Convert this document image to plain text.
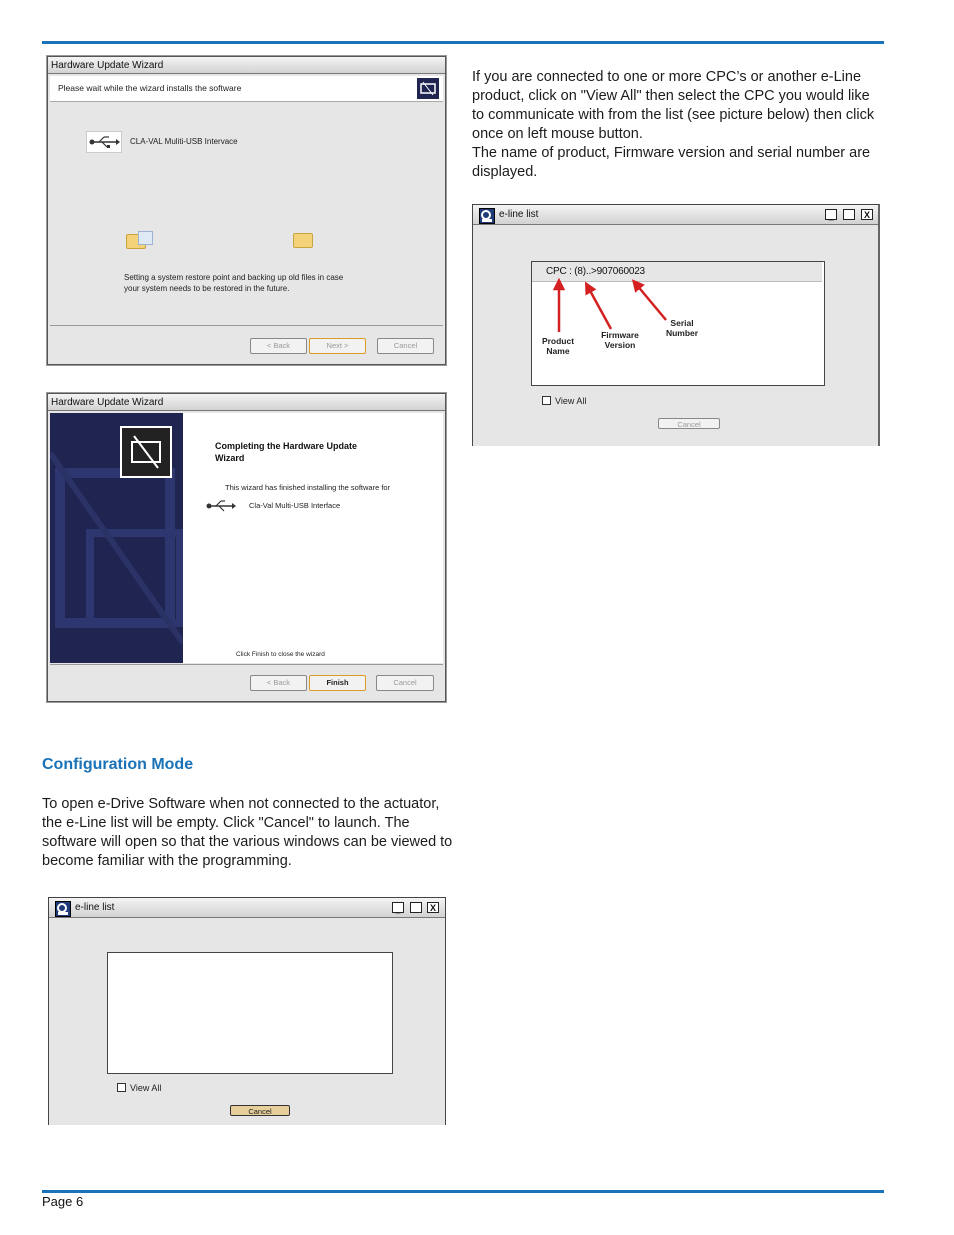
Hardware Update Wizard
Please wait while the wizard installs the software
CLA-VAL Muliti-USB Intervace
Setting a system restore point and backing up old files in case
your system needs to be restored in the future.
< Back	Next >	Cancel
Hardware Update Wizard
Completing the Hardware Update
Wizard
This wizard has finished installing the software for
Cla-Val Multi-USB Interface
Click Finish to close the wizard
< Back	Finish	Cancel
Configuration Mode
To open e-Drive Software when not connected to the actuator, the e-Line list will be empty. Click "Cancel" to launch. The software will open so that the various windows can be viewed to become familiar with the programming.
e-line list	_	X
View All
Cancel
If you are connected to one or more CPC’s or another e-Line product, click on "View All" then select the CPC you would like to communicate with from the list (see picture below) then click once on left mouse button.
The name of product, Firmware version and serial number are displayed.
e-line list	_	X
CPC : (8)..>907060023
Product Name
Firmware Version
Serial Number
View All
Cancel
Page 6
